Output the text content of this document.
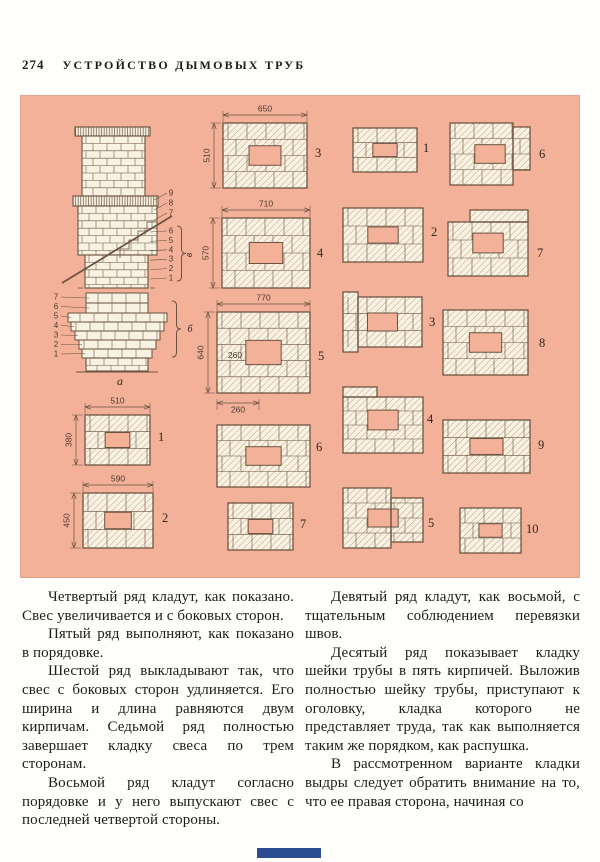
274 УСТРОЙСТВО ДЫМОВЫХ ТРУБ
1
510
380
2
590
450
3
650
510
4
710
570
5
770
640	260
260
6
7
1
2
3
4
5
6
7
8
9
10
9
8
7
6
5
4
3
2
1
в
7
6
5
4
3
2
1
б
а

Четвертый ряд кладут, как показано. Свес увеличивается и с боковых сторон.

Пятый ряд выполняют, как показано в порядовке.

Шестой ряд выкладывают так, что свес с боковых сторон удлиняется. Его ширина и длина равняются двум кирпичам. Седьмой ряд полностью завершает кладку свеса по трем сторонам.

Восьмой ряд кладут согласно порядовке и у него выпускают свес с последней четвертой стороны.

Девятый ряд кладут, как восьмой, с тщательным соблюдением перевязки швов.

Десятый ряд показывает кладку шейки трубы в пять кирпичей. Выложив полностью шейку трубы, приступают к оголовку, кладка которого не представляет труда, так как выполняется таким же порядком, как распушка.

В рассмотренном варианте кладки выдры следует обратить внимание на то, что ее правая сторона, начиная со
